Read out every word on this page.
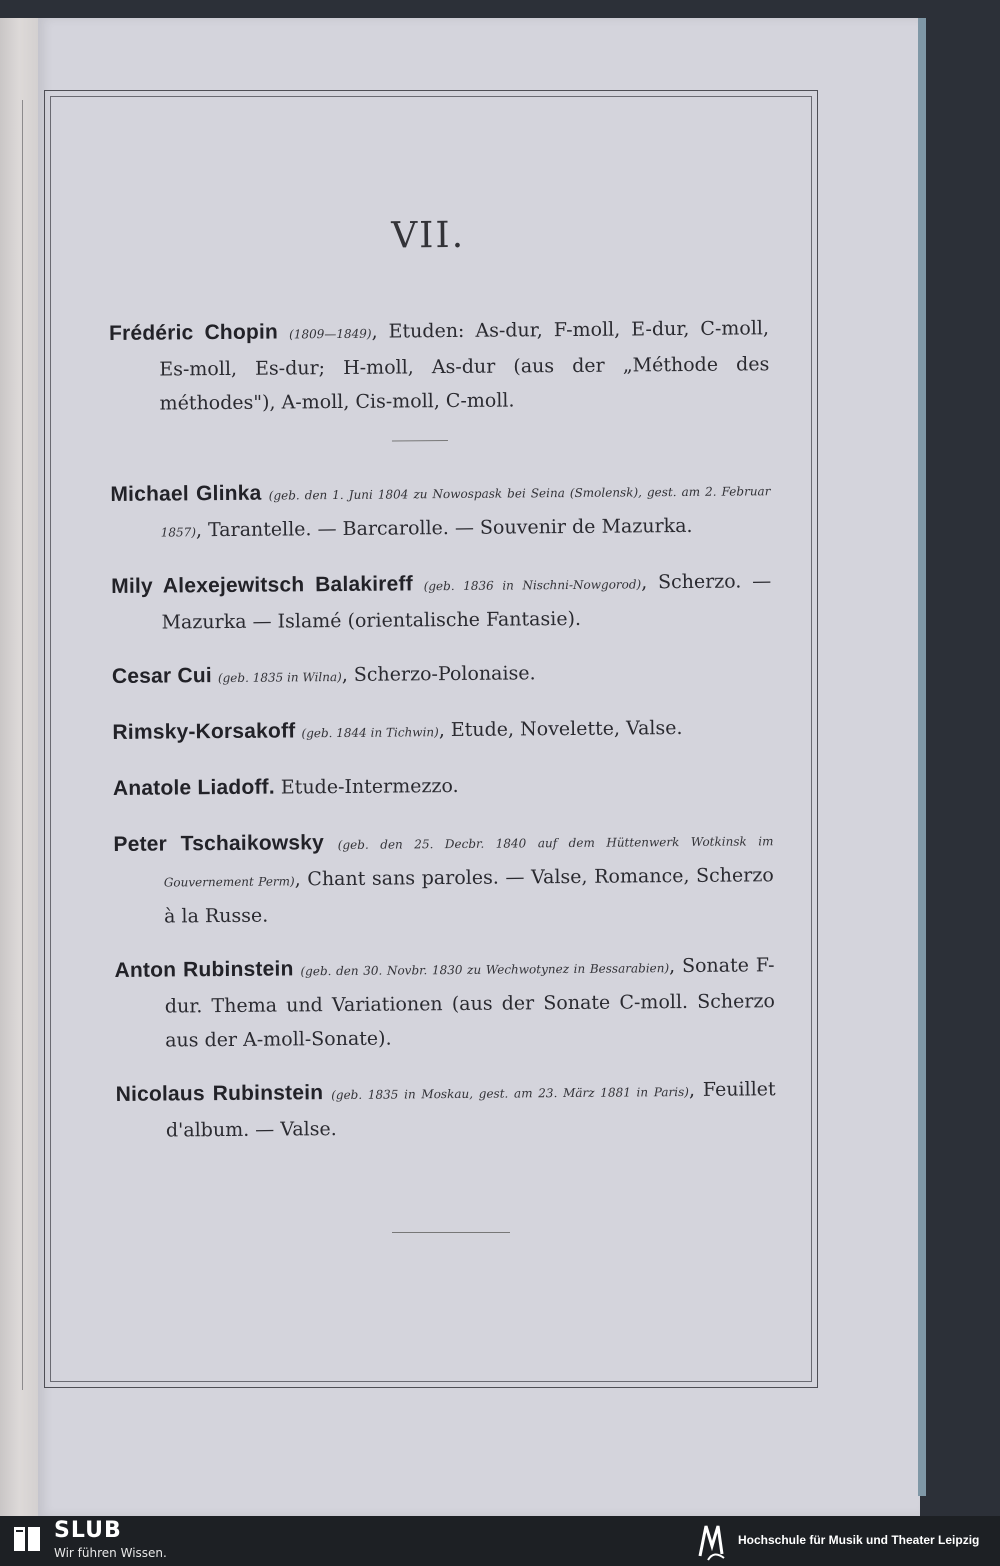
VII.

Frédéric Chopin (1809—1849), Etuden: As-dur, F-moll, E-dur, C-moll, Es-moll, Es-dur; H-moll, As-dur (aus der „Méthode des méthodes"), A-moll, Cis-moll, C-moll.

Michael Glinka (geb. den 1. Juni 1804 zu Nowospask bei Seina (Smolensk), gest. am 2. Februar 1857), Tarantelle. — Barcarolle. — Souvenir de Mazurka.

Mily Alexejewitsch Balakireff (geb. 1836 in Nischni-Nowgorod), Scherzo. — Mazurka — Islamé (orientalische Fantasie).

Cesar Cui (geb. 1835 in Wilna), Scherzo-Polonaise.

Rimsky-Korsakoff (geb. 1844 in Tichwin), Etude, Novelette, Valse.

Anatole Liadoff. Etude-Intermezzo.

Peter Tschaikowsky (geb. den 25. Decbr. 1840 auf dem Hüttenwerk Wotkinsk im Gouvernement Perm), Chant sans paroles. — Valse, Romance, Scherzo à la Russe.

Anton Rubinstein (geb. den 30. Novbr. 1830 zu Wechwotynez in Bessarabien), Sonate F-dur. Thema und Variationen (aus der Sonate C-moll. Scherzo aus der A-moll-Sonate).

Nicolaus Rubinstein (geb. 1835 in Moskau, gest. am 23. März 1881 in Paris), Feuillet d'album. — Valse.

SLUB
Wir führen Wissen.
Hochschule für Musik und Theater Leipzig
